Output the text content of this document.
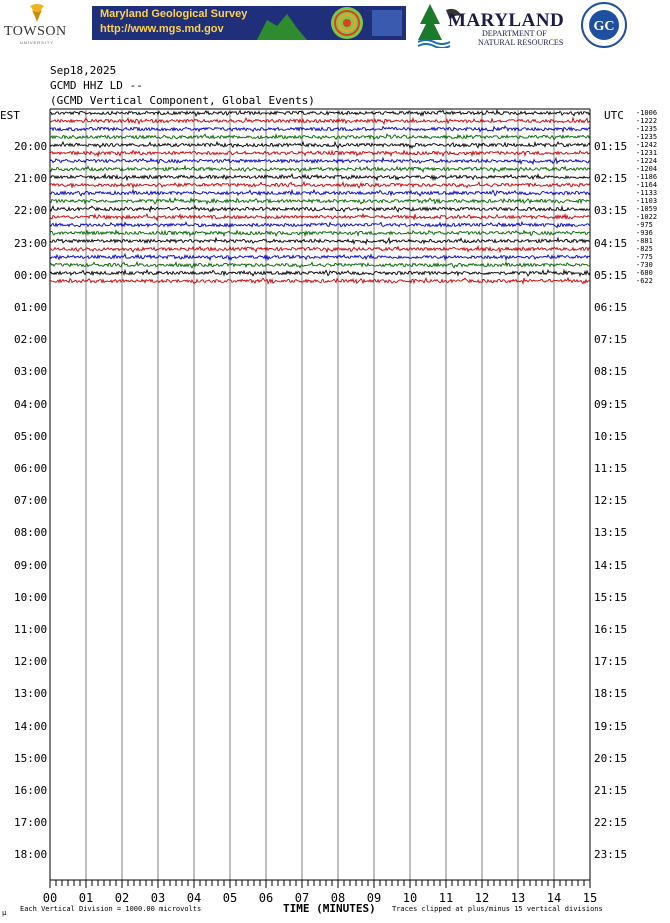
TOWSON
UNIVERSITY
Maryland Geological Survey
http://www.mgs.md.gov	MARYLAND
DEPARTMENT OF
NATURAL RESOURCES
GC
Sep18,2025
GCMD HHZ LD --
(GCMD Vertical Component, Global Events)
EST	UTC
20:00	01:15
21:00	02:15
22:00	03:15
23:00	04:15
00:00	05:15
01:00	06:15
02:00	07:15
03:00	08:15
04:00	09:15
05:00	10:15
06:00	11:15
07:00	12:15
08:00	13:15
09:00	14:15
10:00	15:15
11:00	16:15
12:00	17:15
13:00	18:15
14:00	19:15
15:00	20:15
16:00	21:15
17:00	22:15
18:00	23:15
-1006
-1222
-1235
-1235
-1242
-1231
-1224
-1204
-1186
-1164
-1133
-1103
-1059
-1022
-975
-936
-881
-825
-775
-730
-680
-622
00 01 02 03 04 05 06 07 08 09 10 11 12 13 14 15
µ Each Vertical Division = 1000.00 microvolts	TIME (MINUTES) Traces clipped at plus/minus 15 vertical divisions
